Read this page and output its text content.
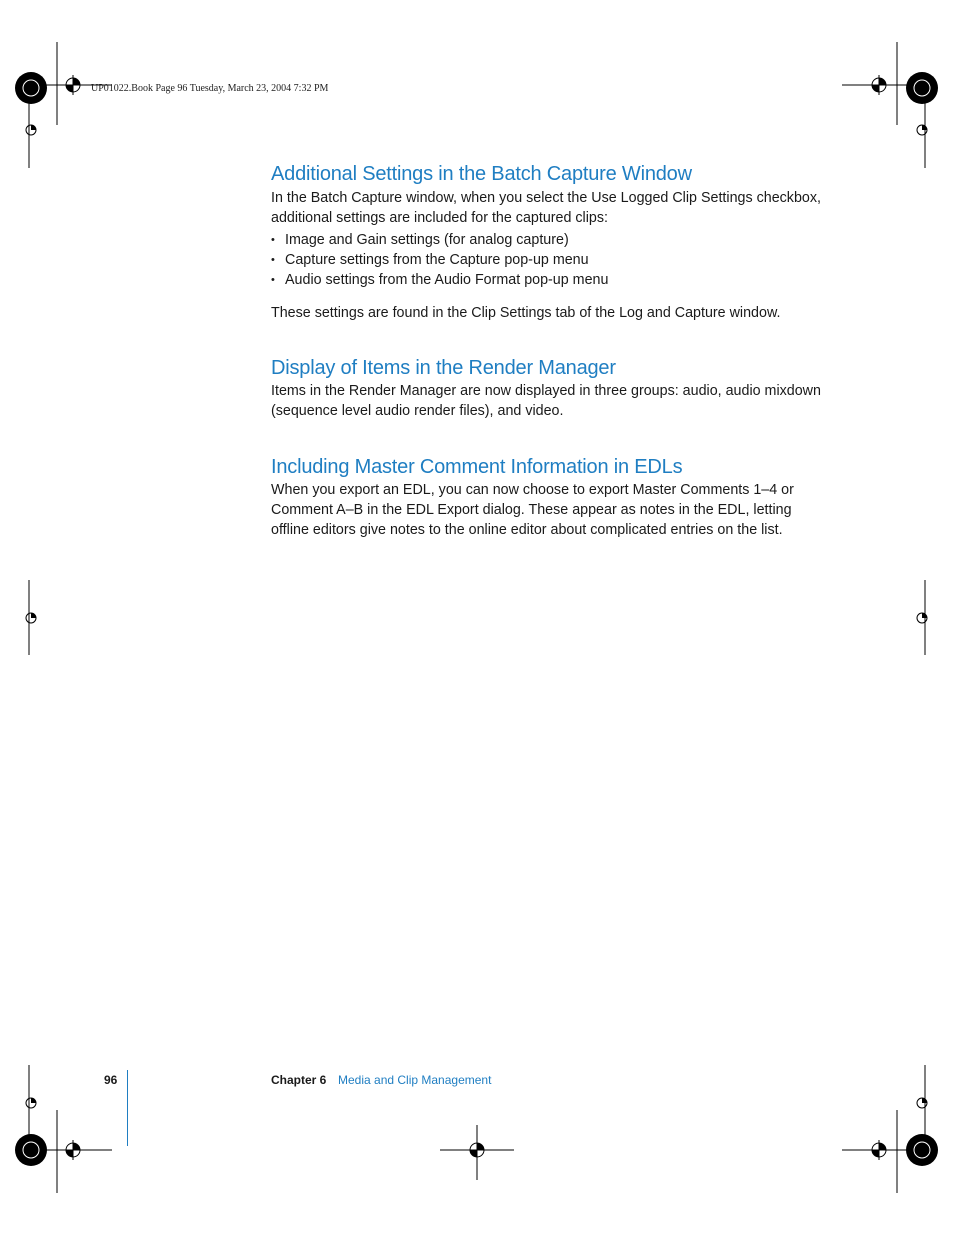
UP01022.Book Page 96 Tuesday, March 23, 2004 7:32 PM
Additional Settings in the Batch Capture Window

In the Batch Capture window, when you select the Use Logged Clip Settings checkbox, additional settings are included for the captured clips:

• Image and Gain settings (for analog capture)
• Capture settings from the Capture pop-up menu
• Audio settings from the Audio Format pop-up menu

These settings are found in the Clip Settings tab of the Log and Capture window.

Display of Items in the Render Manager

Items in the Render Manager are now displayed in three groups: audio, audio mixdown (sequence level audio render files), and video.

Including Master Comment Information in EDLs

When you export an EDL, you can now choose to export Master Comments 1–4 or Comment A–B in the EDL Export dialog. These appear as notes in the EDL, letting offline editors give notes to the online editor about complicated entries on the list.

96	Chapter 6 Media and Clip Management
